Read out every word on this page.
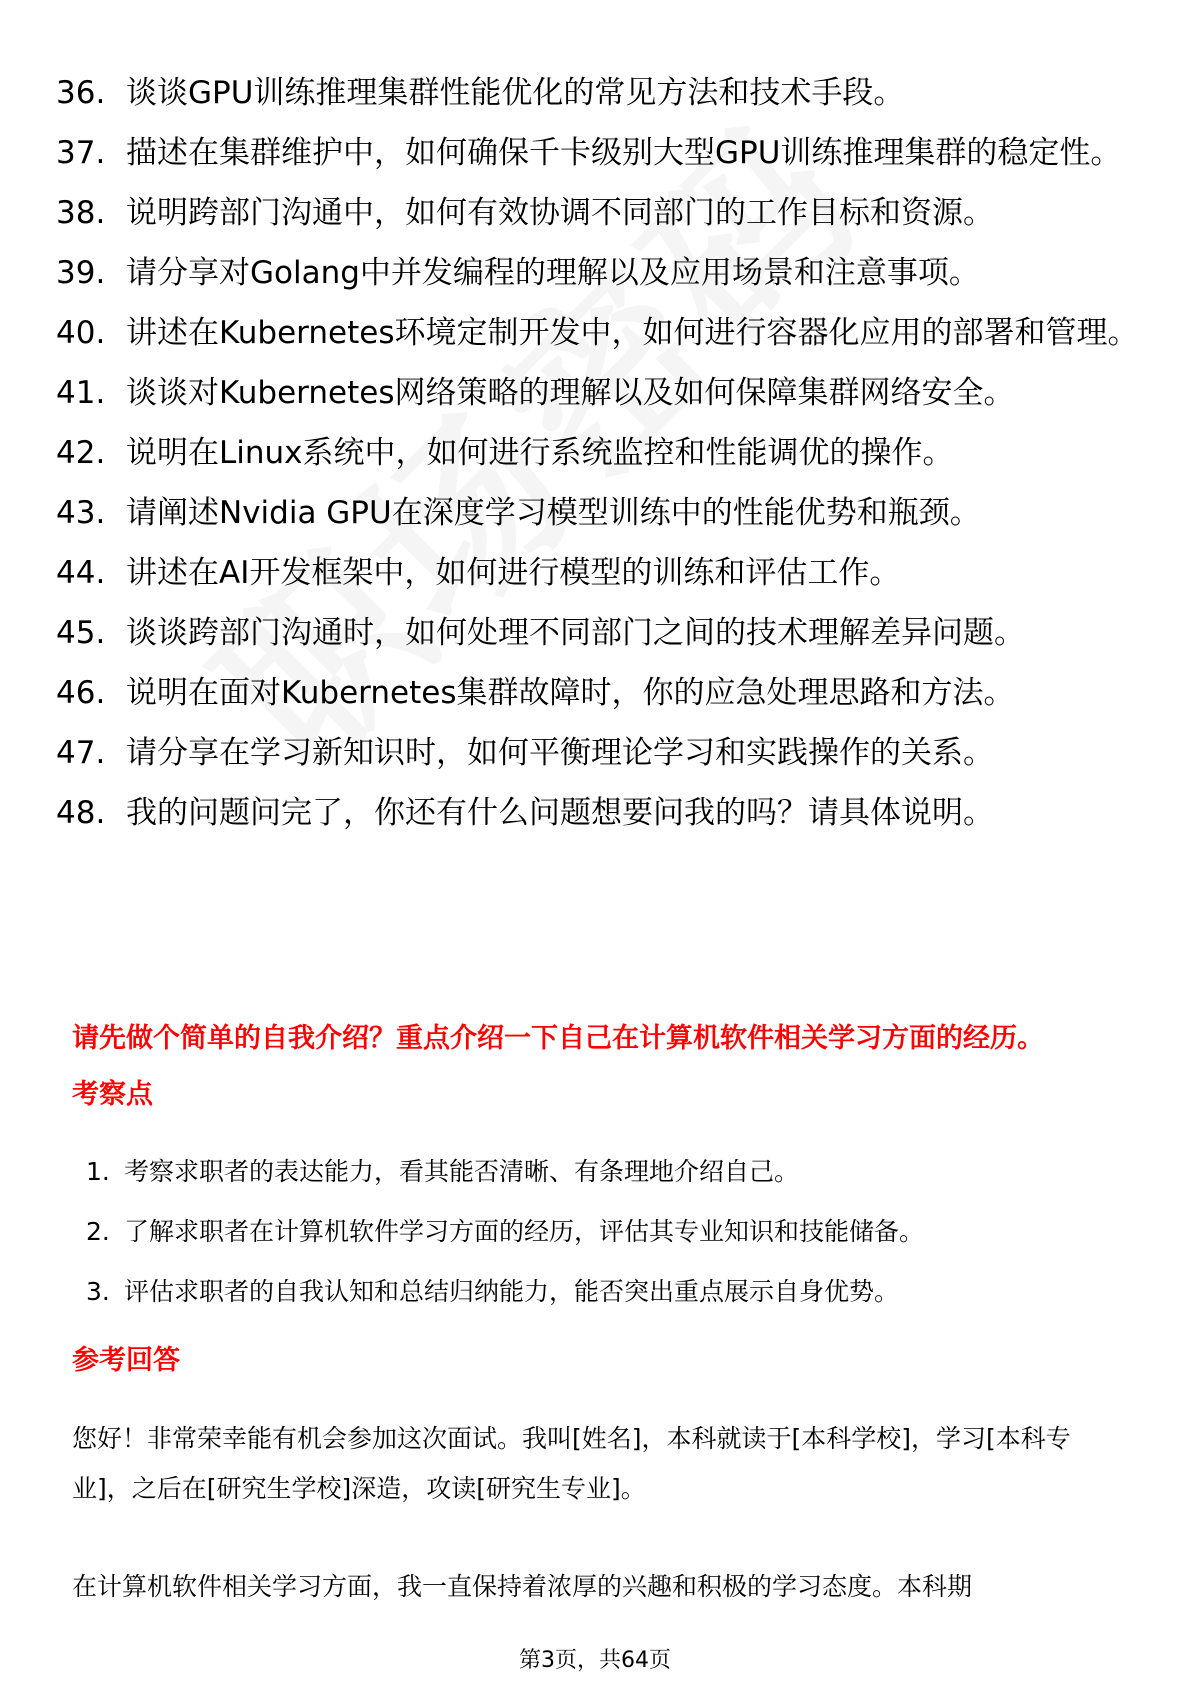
36. 谈谈GPU训练推理集群性能优化的常见方法和技术手段。
37. 描述在集群维护中，如何确保千卡级别大型GPU训练推理集群的稳定性。
38. 说明跨部门沟通中，如何有效协调不同部门的工作目标和资源。
39. 请分享对Golang中并发编程的理解以及应用场景和注意事项。
40. 讲述在Kubernetes环境定制开发中，如何进行容器化应用的部署和管理。
41. 谈谈对Kubernetes网络策略的理解以及如何保障集群网络安全。
42. 说明在Linux系统中，如何进行系统监控和性能调优的操作。
43. 请阐述Nvidia GPU在深度学习模型训练中的性能优势和瓶颈。
44. 讲述在AI开发框架中，如何进行模型的训练和评估工作。
45. 谈谈跨部门沟通时，如何处理不同部门之间的技术理解差异问题。
46. 说明在面对Kubernetes集群故障时，你的应急处理思路和方法。
47. 请分享在学习新知识时，如何平衡理论学习和实践操作的关系。
48. 我的问题问完了，你还有什么问题想要问我的吗？请具体说明。
请先做个简单的自我介绍？重点介绍一下自己在计算机软件相关学习方面的经历。
考察点
1. 考察求职者的表达能力，看其能否清晰、有条理地介绍自己。
2. 了解求职者在计算机软件学习方面的经历，评估其专业知识和技能储备。
3. 评估求职者的自我认知和总结归纳能力，能否突出重点展示自身优势。
参考回答

您好！非常荣幸能有机会参加这次面试。我叫[姓名]，本科就读于[本科学校]，学习[本科专业]，之后在[研究生学校]深造，攻读[研究生专业]。

在计算机软件相关学习方面，我一直保持着浓厚的兴趣和积极的学习态度。本科期

第3页，共64页
